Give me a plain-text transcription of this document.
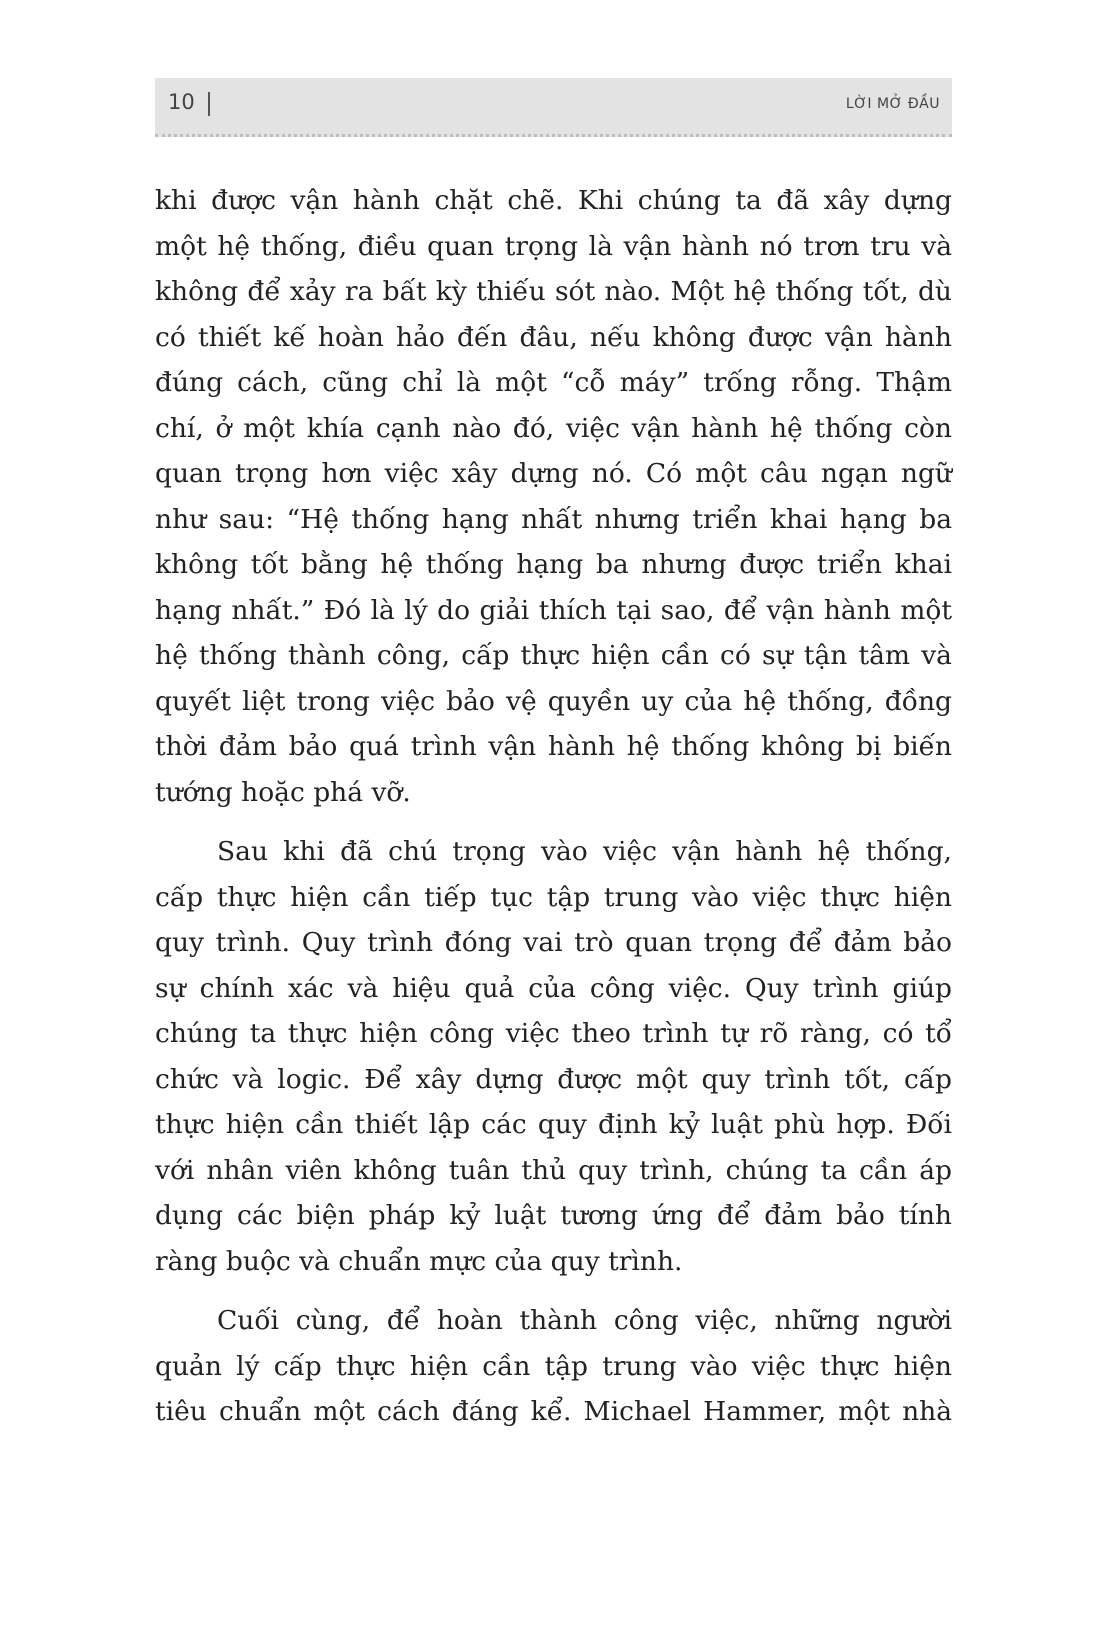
10	LỜI MỞ ĐẦU
khi được vận hành chặt chẽ. Khi chúng ta đã xây dựng
một hệ thống, điều quan trọng là vận hành nó trơn tru và
không để xảy ra bất kỳ thiếu sót nào. Một hệ thống tốt, dù
có thiết kế hoàn hảo đến đâu, nếu không được vận hành
đúng cách, cũng chỉ là một “cỗ máy” trống rỗng. Thậm
chí, ở một khía cạnh nào đó, việc vận hành hệ thống còn
quan trọng hơn việc xây dựng nó. Có một câu ngạn ngữ
như sau: “Hệ thống hạng nhất nhưng triển khai hạng ba
không tốt bằng hệ thống hạng ba nhưng được triển khai
hạng nhất.” Đó là lý do giải thích tại sao, để vận hành một
hệ thống thành công, cấp thực hiện cần có sự tận tâm và
quyết liệt trong việc bảo vệ quyền uy của hệ thống, đồng
thời đảm bảo quá trình vận hành hệ thống không bị biến
tướng hoặc phá vỡ.
Sau khi đã chú trọng vào việc vận hành hệ thống,
cấp thực hiện cần tiếp tục tập trung vào việc thực hiện
quy trình. Quy trình đóng vai trò quan trọng để đảm bảo
sự chính xác và hiệu quả của công việc. Quy trình giúp
chúng ta thực hiện công việc theo trình tự rõ ràng, có tổ
chức và logic. Để xây dựng được một quy trình tốt, cấp
thực hiện cần thiết lập các quy định kỷ luật phù hợp. Đối
với nhân viên không tuân thủ quy trình, chúng ta cần áp
dụng các biện pháp kỷ luật tương ứng để đảm bảo tính
ràng buộc và chuẩn mực của quy trình.
Cuối cùng, để hoàn thành công việc, những người
quản lý cấp thực hiện cần tập trung vào việc thực hiện
tiêu chuẩn một cách đáng kể. Michael Hammer, một nhà
